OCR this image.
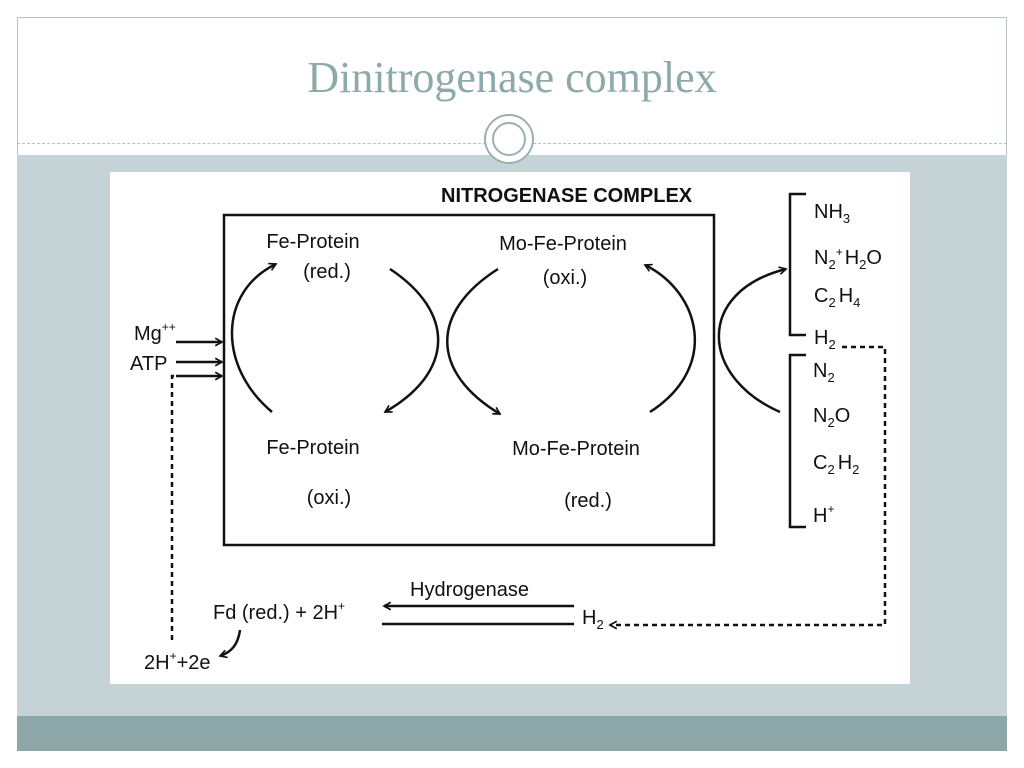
Dinitrogenase complex
NITROGENASE COMPLEX
Fe-Protein
(red.)
Mo-Fe-Protein
(oxi.)
Fe-Protein
(oxi.)
Mo-Fe-Protein
(red.)
Mg++
ATP
$NH_3$
$N_2^+$ $H_2O$
$C_2$ $H_4$
$H_2$
$N_2$
$N_2O$
$C_2$ $H_2$
H+
Hydrogenase
Fd (red.) + 2H+
$H_2$
2H++2e
